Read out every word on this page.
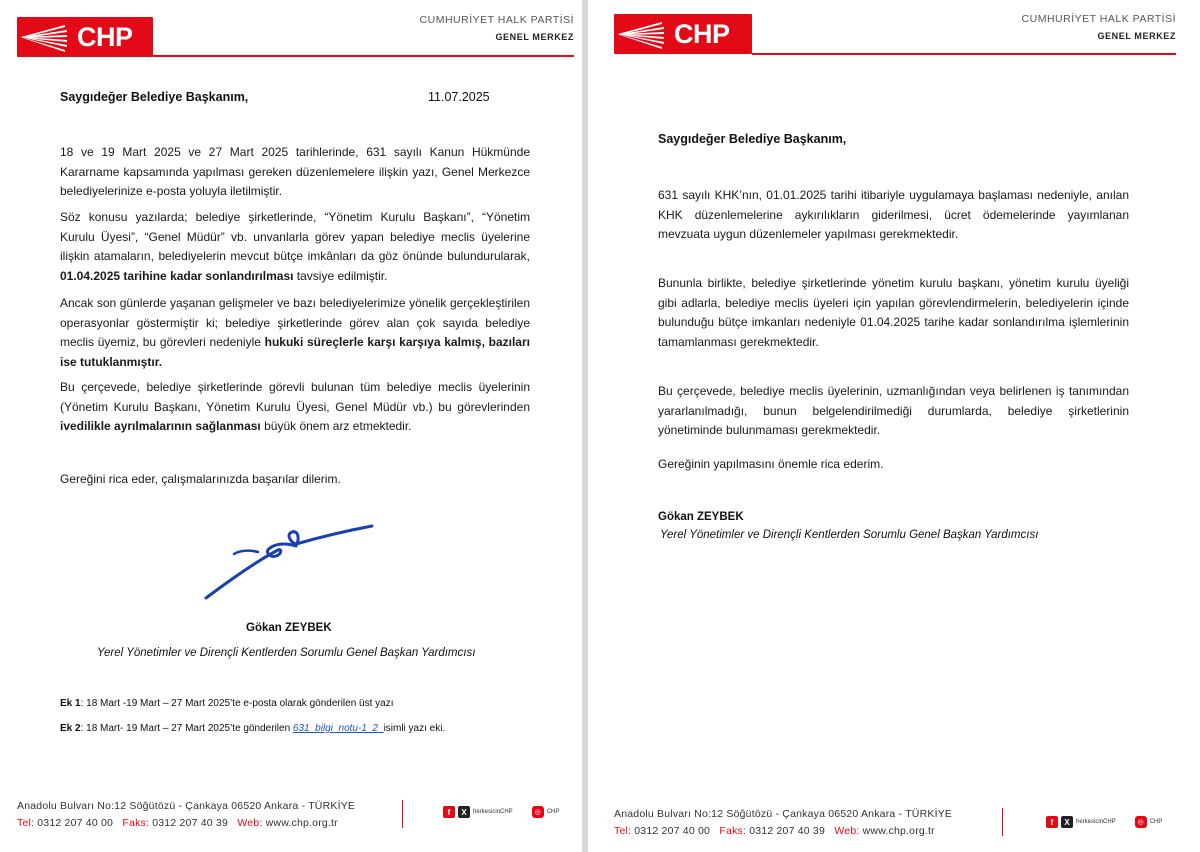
CHP
CUMHURİYET HALK PARTİSİ
GENEL MERKEZ
Saygıdeğer Belediye Başkanım,	11.07.2025
18 ve 19 Mart 2025 ve 27 Mart 2025 tarihlerinde, 631 sayılı Kanun Hükmünde Kararname kapsamında yapılması gereken düzenlemelere ilişkin yazı, Genel Merkezce belediyelerinize e-posta yoluyla iletilmiştir.
Söz konusu yazılarda; belediye şirketlerinde, “Yönetim Kurulu Başkanı”, “Yönetim Kurulu Üyesi”, “Genel Müdür” vb. unvanlarla görev yapan belediye meclis üyelerine ilişkin atamaların, belediyelerin mevcut bütçe imkânları da göz önünde bulundurularak, 01.04.2025 tarihine kadar sonlandırılması tavsiye edilmiştir.
Ancak son günlerde yaşanan gelişmeler ve bazı belediyelerimize yönelik gerçekleştirilen operasyonlar göstermiştir ki; belediye şirketlerinde görev alan çok sayıda belediye meclis üyemiz, bu görevleri nedeniyle hukuki süreçlerle karşı karşıya kalmış, bazıları ise tutuklanmıştır.
Bu çerçevede, belediye şirketlerinde görevli bulunan tüm belediye meclis üyelerinin (Yönetim Kurulu Başkanı, Yönetim Kurulu Üyesi, Genel Müdür vb.) bu görevlerinden ivedilikle ayrılmalarının sağlanması büyük önem arz etmektedir.
Gereğini rica eder, çalışmalarınızda başarılar dilerim.
Gökan ZEYBEK
Yerel Yönetimler ve Dirençli Kentlerden Sorumlu Genel Başkan Yardımcısı
Ek 1: 18 Mart -19 Mart – 27 Mart 2025’te e-posta olarak gönderilen üst yazı
Ek 2: 18 Mart- 19 Mart – 27 Mart 2025’te gönderilen 631_bilgi_notu-1_2_isimli yazı eki.
Anadolu Bulvarı No:12 Söğütözü - Çankaya 06520 Ankara - TÜRKİYE
Tel: 0312 207 40 00 Faks: 0312 207 40 39 Web: www.chp.org.tr
f	X	herkesicinCHP	◎ CHP
CHP	CUMHURİYET HALK PARTİSİ
GENEL MERKEZ
Saygıdeğer Belediye Başkanım,
631 sayılı KHK’nın, 01.01.2025 tarihi itibariyle uygulamaya başlaması nedeniyle, anılan KHK düzenlemelerine aykırılıkların giderilmesi, ücret ödemelerinde yayımlanan mevzuata uygun düzenlemeler yapılması gerekmektedir.
Bununla birlikte, belediye şirketlerinde yönetim kurulu başkanı, yönetim kurulu üyeliği gibi adlarla, belediye meclis üyeleri için yapılan görevlendirmelerin, belediyelerin içinde bulunduğu bütçe imkanları nedeniyle 01.04.2025 tarihe kadar sonlandırılma işlemlerinin tamamlanması gerekmektedir.
Bu çerçevede, belediye meclis üyelerinin, uzmanlığından veya belirlenen iş tanımından yararlanılmadığı, bunun belgelendirilmediği durumlarda, belediye şirketlerinin yönetiminde bulunmaması gerekmektedir.
Gereğinin yapılmasını önemle rica ederim.
Gökan ZEYBEK
Yerel Yönetimler ve Dirençli Kentlerden Sorumlu Genel Başkan Yardımcısı
Anadolu Bulvarı No:12 Söğütözü - Çankaya 06520 Ankara - TÜRKİYE
Tel: 0312 207 40 00 Faks: 0312 207 40 39 Web: www.chp.org.tr
f	X	herkesicinCHP	◎ CHP
